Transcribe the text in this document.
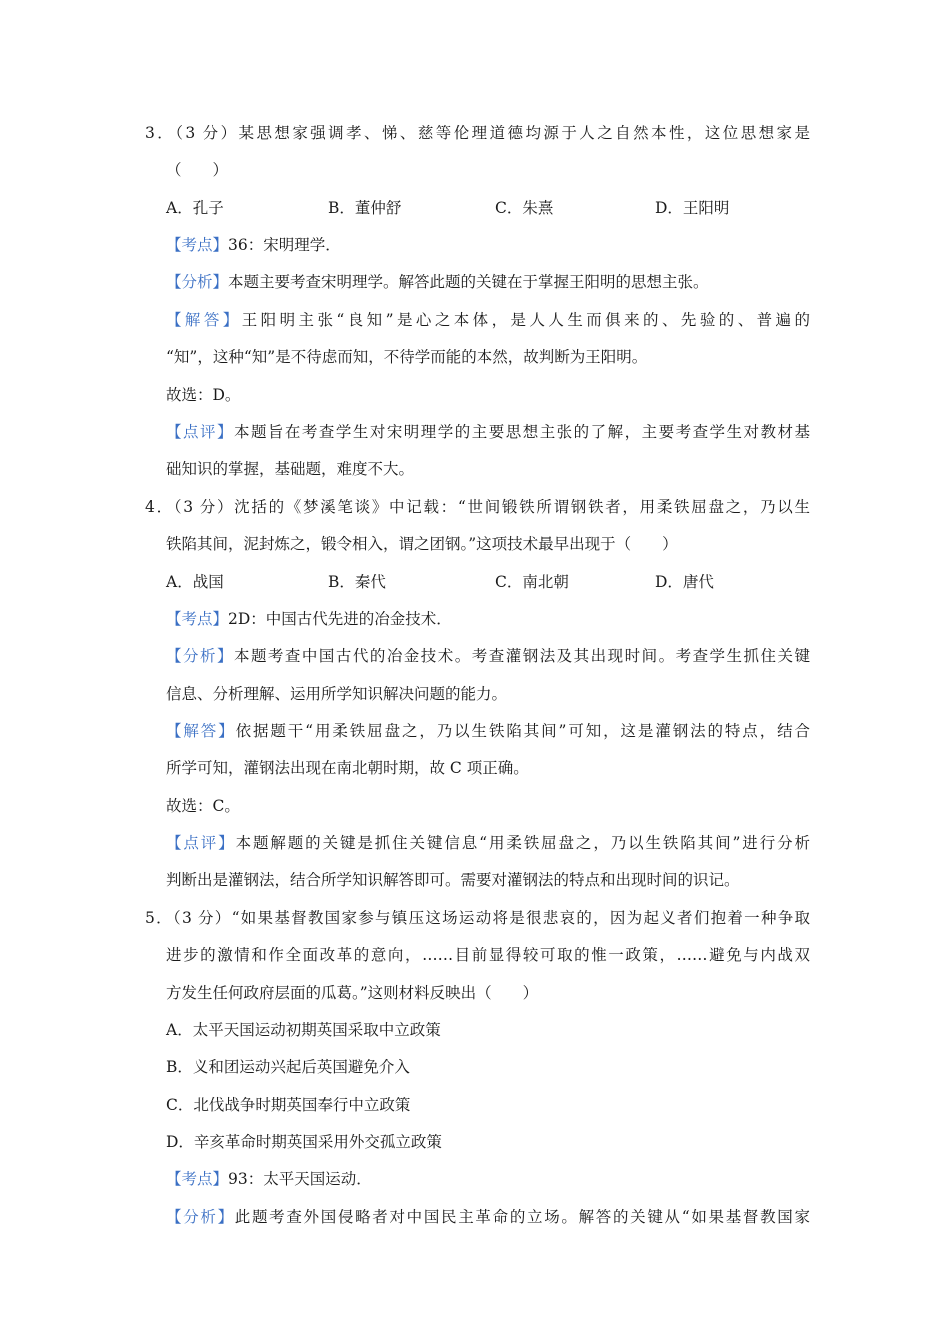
3．（3 分）某思想家强调孝、悌、慈等伦理道德均源于人之自然本性，这位思想家是
（　　）
A．孔子	B．董仲舒	C．朱熹	D．王阳明
【考点】36：宋明理学．
【分析】本题主要考查宋明理学。解答此题的关键在于掌握王阳明的思想主张。
【解答】王阳明主张“良知”是心之本体，是人人生而俱来的、先验的、普遍的
“知”，这种“知”是不待虑而知，不待学而能的本然，故判断为王阳明。
故选：D。
【点评】本题旨在考查学生对宋明理学的主要思想主张的了解，主要考查学生对教材基
础知识的掌握，基础题，难度不大。
4．（3 分）沈括的《梦溪笔谈》中记载：“世间锻铁所谓钢铁者，用柔铁屈盘之，乃以生
铁陷其间，泥封炼之，锻令相入，谓之团钢。”这项技术最早出现于（　　）
A．战国	B．秦代	C．南北朝	D．唐代
【考点】2D：中国古代先进的冶金技术．
【分析】本题考查中国古代的冶金技术。考查灌钢法及其出现时间。考查学生抓住关键
信息、分析理解、运用所学知识解决问题的能力。
【解答】依据题干“用柔铁屈盘之，乃以生铁陷其间”可知，这是灌钢法的特点，结合
所学可知，灌钢法出现在南北朝时期，故 C 项正确。
故选：C。
【点评】本题解题的关键是抓住关键信息“用柔铁屈盘之，乃以生铁陷其间”进行分析
判断出是灌钢法，结合所学知识解答即可。需要对灌钢法的特点和出现时间的识记。
5．（3 分）“如果基督教国家参与镇压这场运动将是很悲哀的，因为起义者们抱着一种争取
进步的激情和作全面改革的意向，……目前显得较可取的惟一政策，……避免与内战双
方发生任何政府层面的瓜葛。”这则材料反映出（　　）
A．太平天国运动初期英国采取中立政策
B．义和团运动兴起后英国避免介入
C．北伐战争时期英国奉行中立政策
D．辛亥革命时期英国采用外交孤立政策
【考点】93：太平天国运动．
【分析】此题考查外国侵略者对中国民主革命的立场。解答的关键从“如果基督教国家
